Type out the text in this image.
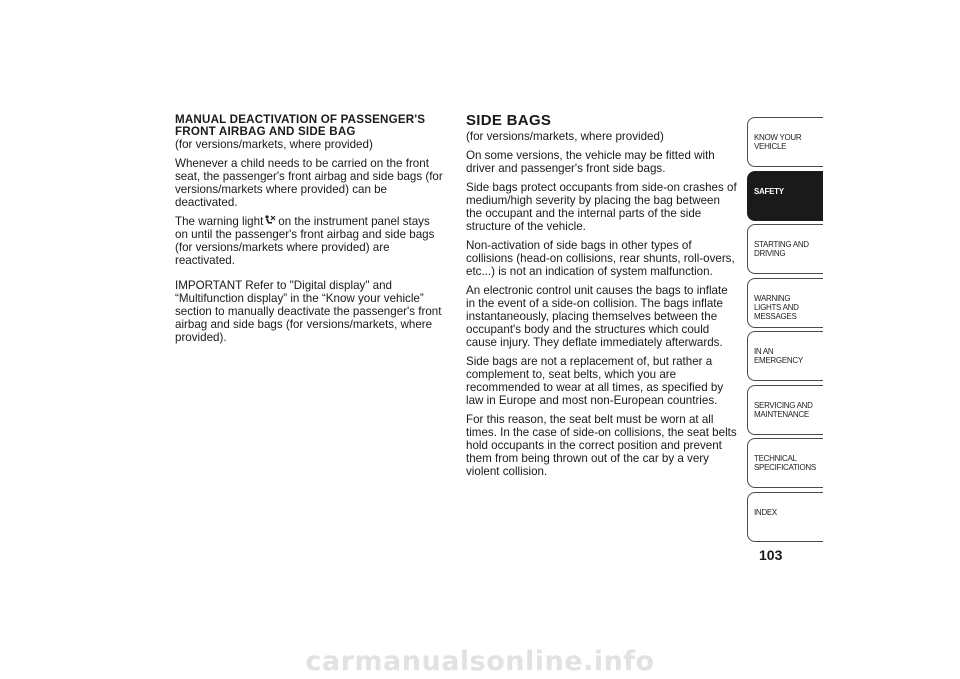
MANUAL DEACTIVATION OF PASSENGER'S FRONT AIRBAG AND SIDE BAG

(for versions/markets, where provided)

Whenever a child needs to be carried on the front seat, the passenger's front airbag and side bags (for versions/markets where provided) can be deactivated.

The warning light on the instrument panel stays on until the passenger's front airbag and side bags (for versions/markets where provided) are reactivated.

IMPORTANT Refer to "Digital display" and “Multifunction display” in the “Know your vehicle” section to manually deactivate the passenger's front airbag and side bags (for versions/markets, where provided).

SIDE BAGS

(for versions/markets, where provided)

On some versions, the vehicle may be fitted with driver and passenger's front side bags.

Side bags protect occupants from side-on crashes of medium/high severity by placing the bag between the occupant and the internal parts of the side structure of the vehicle.

Non-activation of side bags in other types of collisions (head-on collisions, rear shunts, roll-overs, etc...) is not an indication of system malfunction.

An electronic control unit causes the bags to inflate in the event of a side-on collision. The bags inflate instantaneously, placing themselves between the occupant's body and the structures which could cause injury. They deflate immediately afterwards.

Side bags are not a replacement of, but rather a complement to, seat belts, which you are recommended to wear at all times, as specified by law in Europe and most non-European countries.

For this reason, the seat belt must be worn at all times. In the case of side-on collisions, the seat belts hold occupants in the correct position and prevent them from being thrown out of the car by a very violent collision.

KNOW YOUR VEHICLE
SAFETY
STARTING AND DRIVING
WARNING LIGHTS AND MESSAGES
IN AN EMERGENCY
SERVICING AND MAINTENANCE
TECHNICAL SPECIFICATIONS
INDEX
103
carmanualsonline.info
